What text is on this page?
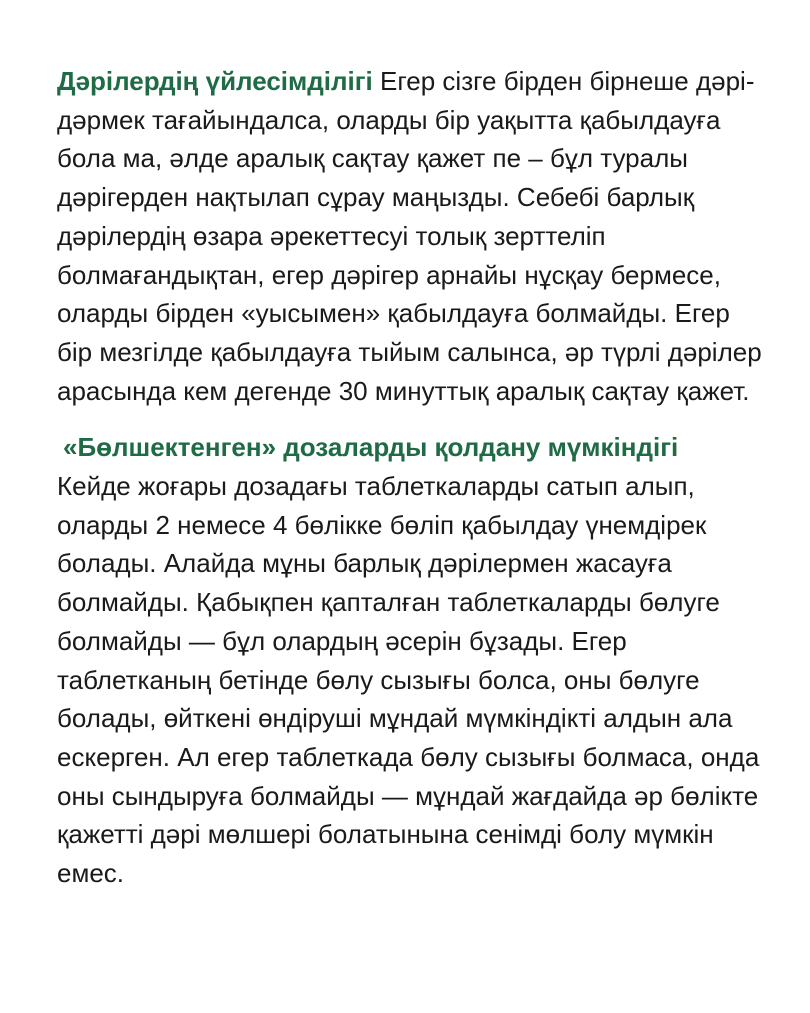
Дәрілердің үйлесімділігі Егер сізге бірден бірнеше дәрі-дәрмек тағайындалса, оларды бір уақытта қабылдауға бола ма, әлде аралық сақтау қажет пе – бұл туралы дәрігерден нақтылап сұрау маңызды. Себебі барлық дәрілердің өзара әрекеттесуі толық зерттеліп болмағандықтан, егер дәрігер арнайы нұсқау бермесе, оларды бірден «уысымен» қабылдауға болмайды. Егер бір мезгілде қабылдауға тыйым салынса, әр түрлі дәрілер арасында кем дегенде 30 минуттық аралық сақтау қажет.

«Бөлшектенген» дозаларды қолдану мүмкіндігі
Кейде жоғары дозадағы таблеткаларды сатып алып, оларды 2 немесе 4 бөлікке бөліп қабылдау үнемдірек болады. Алайда мұны барлық дәрілермен жасауға болмайды. Қабықпен қапталған таблеткаларды бөлуге болмайды — бұл олардың әсерін бұзады. Егер таблетканың бетінде бөлу сызығы болса, оны бөлуге болады, өйткені өндіруші мұндай мүмкіндікті алдын ала ескерген. Ал егер таблеткада бөлу сызығы болмаса, онда оны сындыруға болмайды — мұндай жағдайда әр бөлікте қажетті дәрі мөлшері болатынына сенімді болу мүмкін емес.
